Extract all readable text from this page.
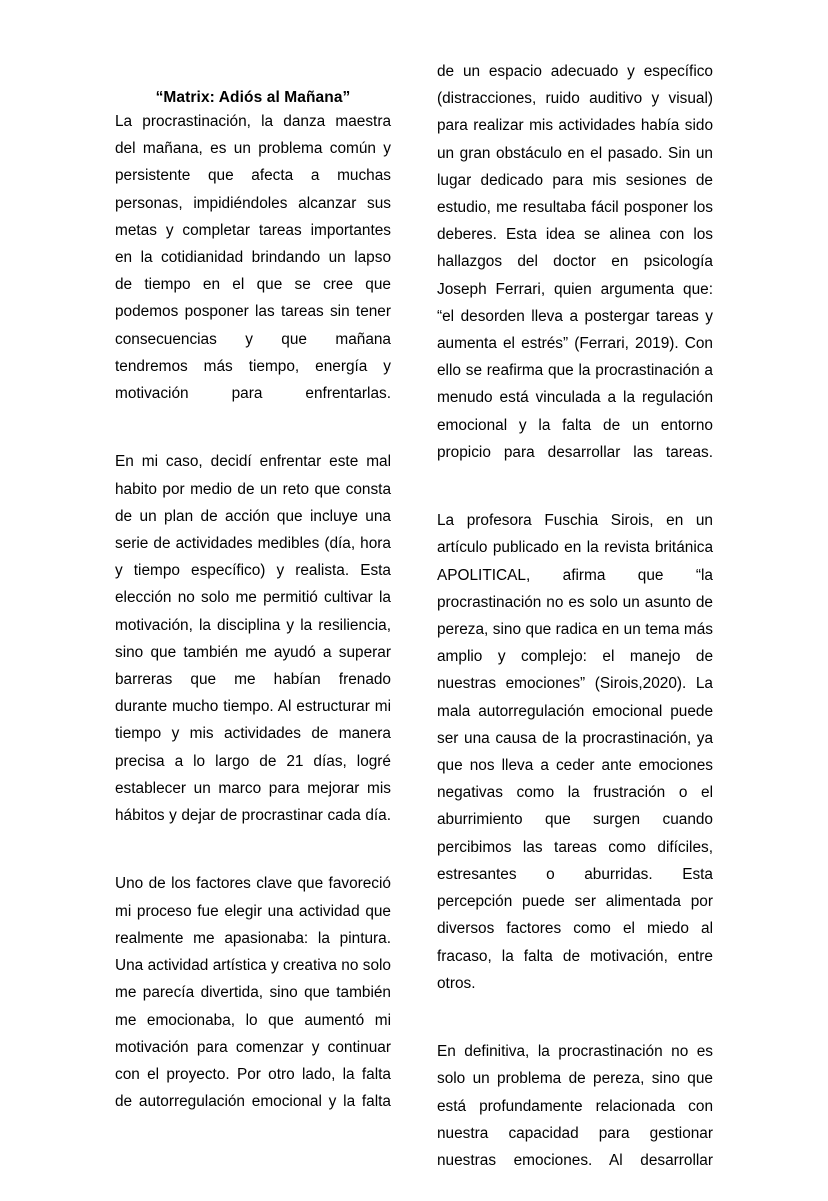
“Matrix: Adiós al Mañana”

La procrastinación, la danza maestra del mañana, es un problema común y persistente que afecta a muchas personas, impidiéndoles alcanzar sus metas y completar tareas importantes en la cotidianidad brindando un lapso de tiempo en el que se cree que podemos posponer las tareas sin tener consecuencias y que mañana tendremos más tiempo, energía y motivación para enfrentarlas.

En mi caso, decidí enfrentar este mal habito por medio de un reto que consta de un plan de acción que incluye una serie de actividades medibles (día, hora y tiempo específico) y realista. Esta elección no solo me permitió cultivar la motivación, la disciplina y la resiliencia, sino que también me ayudó a superar barreras que me habían frenado durante mucho tiempo. Al estructurar mi tiempo y mis actividades de manera precisa a lo largo de 21 días, logré establecer un marco para mejorar mis hábitos y dejar de procrastinar cada día.

Uno de los factores clave que favoreció mi proceso fue elegir una actividad que realmente me apasionaba: la pintura. Una actividad artística y creativa no solo me parecía divertida, sino que también me emocionaba, lo que aumentó mi motivación para comenzar y continuar con el proyecto. Por otro lado, la falta de autorregulación emocional y la falta

de un espacio adecuado y específico (distracciones, ruido auditivo y visual) para realizar mis actividades había sido un gran obstáculo en el pasado. Sin un lugar dedicado para mis sesiones de estudio, me resultaba fácil posponer los deberes. Esta idea se alinea con los hallazgos del doctor en psicología Joseph Ferrari, quien argumenta que: “el desorden lleva a postergar tareas y aumenta el estrés” (Ferrari, 2019). Con ello se reafirma que la procrastinación a menudo está vinculada a la regulación emocional y la falta de un entorno propicio para desarrollar las tareas.

La profesora Fuschia Sirois, en un artículo publicado en la revista británica APOLITICAL, afirma que “la procrastinación no es solo un asunto de pereza, sino que radica en un tema más amplio y complejo: el manejo de nuestras emociones” (Sirois,2020). La mala autorregulación emocional puede ser una causa de la procrastinación, ya que nos lleva a ceder ante emociones negativas como la frustración o el aburrimiento que surgen cuando percibimos las tareas como difíciles, estresantes o aburridas. Esta percepción puede ser alimentada por diversos factores como el miedo al fracaso, la falta de motivación, entre otros.

En definitiva, la procrastinación no es solo un problema de pereza, sino que está profundamente relacionada con nuestra capacidad para gestionar nuestras emociones. Al desarrollar
